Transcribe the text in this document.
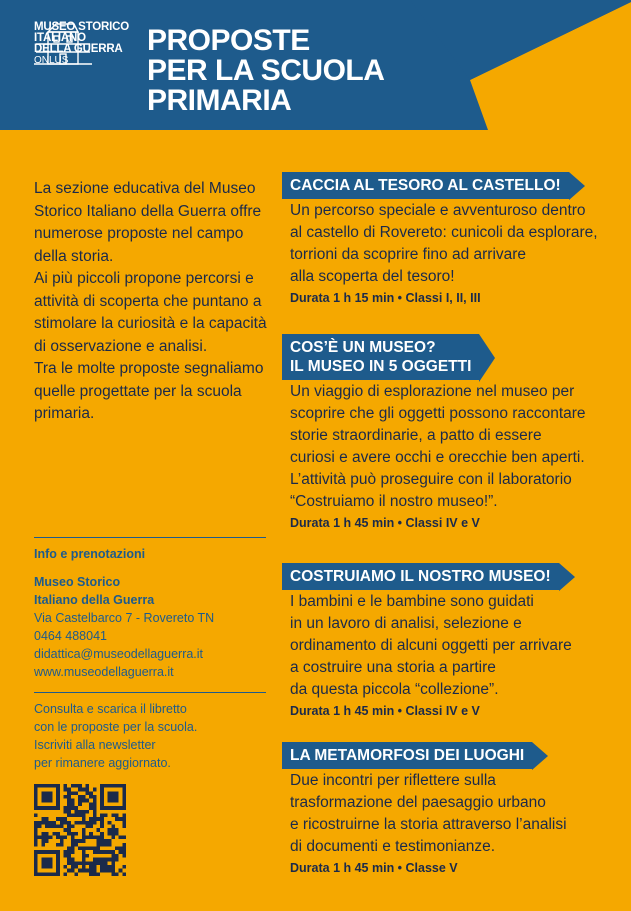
MUSEO STORICO
ITALIANO
DELLA GUERRA
ONLUS
PROPOSTE
PER LA SCUOLA
PRIMARIA

La sezione educativa del Museo Storico Italiano della Guerra offre numerose proposte nel campo della storia.

Ai più piccoli propone percorsi e attività di scoperta che puntano a stimolare la curiosità e la capacità di osservazione e analisi.

Tra le molte proposte segnaliamo quelle progettate per la scuola primaria.

Info e prenotazioni
Museo Storico
Italiano della Guerra
Via Castelbarco 7 - Rovereto TN
0464 488041
didattica@museodellaguerra.it
www.museodellaguerra.it
Consulta e scarica il libretto
con le proposte per la scuola.
Iscriviti alla newsletter
per rimanere aggiornato.
CACCIA AL TESORO AL CASTELLO!
Un percorso speciale e avventuroso dentro
al castello di Rovereto: cunicoli da esplorare,
torrioni da scoprire fino ad arrivare
alla scoperta del tesoro!
Durata 1 h 15 min • Classi I, II, III
COS’È UN MUSEO?
IL MUSEO IN 5 OGGETTI
Un viaggio di esplorazione nel museo per
scoprire che gli oggetti possono raccontare
storie straordinarie, a patto di essere
curiosi e avere occhi e orecchie ben aperti.
L’attività può proseguire con il laboratorio
“Costruiamo il nostro museo!”.
Durata 1 h 45 min • Classi IV e V
COSTRUIAMO IL NOSTRO MUSEO!
I bambini e le bambine sono guidati
in un lavoro di analisi, selezione e
ordinamento di alcuni oggetti per arrivare
a costruire una storia a partire
da questa piccola “collezione”.
Durata 1 h 45 min • Classi IV e V
LA METAMORFOSI DEI LUOGHI
Due incontri per riflettere sulla
trasformazione del paesaggio urbano
e ricostruirne la storia attraverso l’analisi
di documenti e testimonianze.
Durata 1 h 45 min • Classe V
